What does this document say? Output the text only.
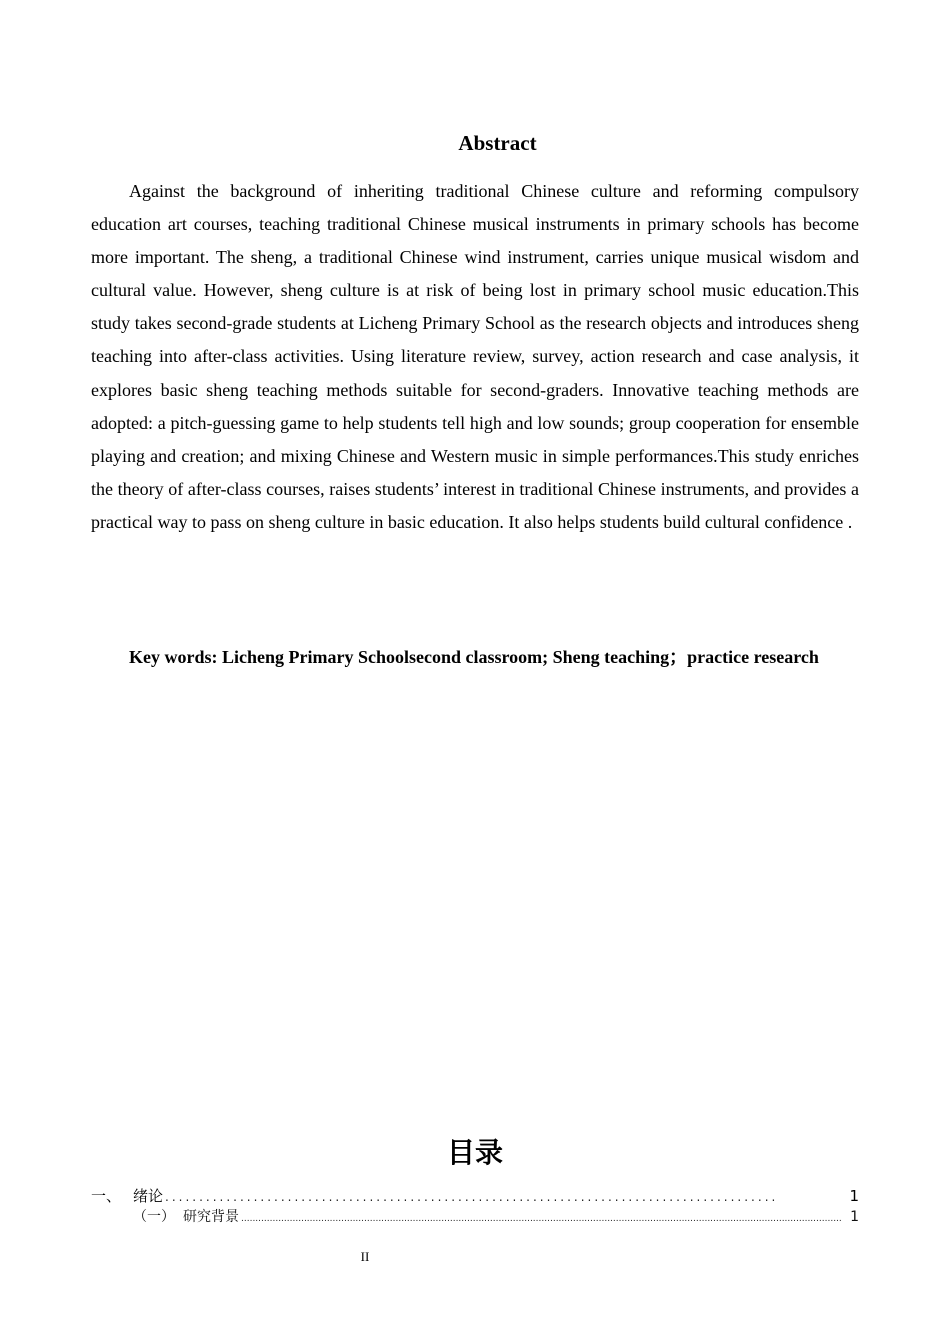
Abstract

Against the background of inheriting traditional Chinese culture and reforming compulsory education art courses, teaching traditional Chinese musical instruments in primary schools has become more important. The sheng, a traditional Chinese wind instrument, carries unique musical wisdom and cultural value. However, sheng culture is at risk of being lost in primary school music education.This study takes second-grade students at Licheng Primary School as the research objects and introduces sheng teaching into after-class activities. Using literature review, survey, action research and case analysis, it explores basic sheng teaching methods suitable for second-graders. Innovative teaching methods are adopted: a pitch-guessing game to help students tell high and low sounds; group cooperation for ensemble playing and creation; and mixing Chinese and Western music in simple performances.This study enriches the theory of after-class courses, raises students’ interest in traditional Chinese instruments, and provides a practical way to pass on sheng culture in basic education. It also helps students build cultural confidence .

Key words: Licheng Primary Schoolsecond classroom; Sheng teaching；practice research

目录
一、 绪论 ..........................................................................................	1
（一） 研究背景 .................................................................................................................................................................................................................. 1
II
